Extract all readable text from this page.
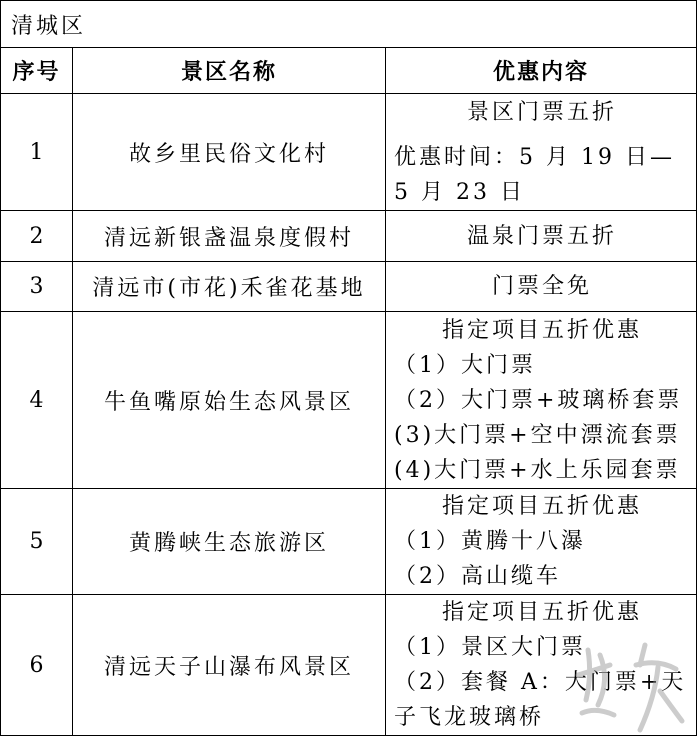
清城区		
序号	景区名称	优惠内容
1	故乡里民俗文化村	景区门票五折
优惠时间：5 月 19 日—5 月 23 日

2	清远新银盏温泉度假村	温泉门票五折

3	清远市(市花)禾雀花基地	门票全免

4	牛鱼嘴原始生态风景区	指定项目五折优惠
（1）大门票
（2）大门票+玻璃桥套票
(3)大门票+空中漂流套票
(4)大门票+水上乐园套票

5	黄腾峡生态旅游区	指定项目五折优惠
（1）黄腾十八瀑
（2）高山缆车

6	清远天子山瀑布风景区	指定项目五折优惠
（1）景区大门票
（2）套餐 A：大门票+天子飞龙玻璃桥
